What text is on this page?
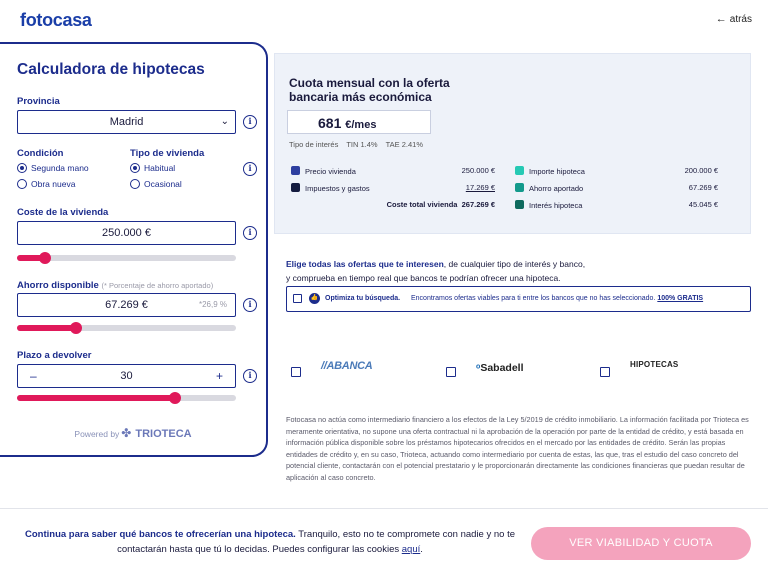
fotocasa	← atrás
Calculadora de hipotecas
Provincia
Madrid	⌄	i
Condición
Segunda mano
Obra nueva
Tipo de vivienda
Habitual
Ocasional
i
Coste de la vivienda
250.000 €	i
Ahorro disponible (* Porcentaje de ahorro aportado)
67.269 €	*26,9 %	i
Plazo a devolver
–	30	+	i
Powered by ✤ TRIOTECA
Cuota mensual con la oferta bancaria más económica
681 €/mes
Tipo de interés TIN 1.4% TAE 2.41%
Precio vivienda	250.000 €
Impuestos y gastos	17.269 €
Coste total vivienda 267.269 €
Importe hipoteca	200.000 €
Ahorro aportado	67.269 €
Interés hipoteca	45.045 €
Elige todas las ofertas que te interesen, de cualquier tipo de interés y banco, y comprueba en tiempo real que bancos te podrían ofrecer una hipoteca.
👍 Optimiza tu búsqueda. Encontramos ofertas viables para ti entre los bancos que no has seleccionado. 100% GRATIS
//ABANCA	ᵒSabadell	HIPOTECAS
Fotocasa no actúa como intermediario financiero a los efectos de la Ley 5/2019 de crédito inmobiliario. La información facilitada por Trioteca es meramente orientativa, no supone una oferta contractual ni la aprobación de la operación por parte de la entidad de crédito, y está basada en información pública disponible sobre los préstamos hipotecarios ofrecidos en el mercado por las entidades de crédito. Serán las propias entidades de crédito y, en su caso, Trioteca, actuando como intermediario por cuenta de estas, las que, tras el estudio del caso concreto del potencial cliente, contactarán con el potencial prestatario y le proporcionarán directamente las condiciones financieras que puedan resultar de aplicación al caso concreto.
Continua para saber qué bancos te ofrecerían una hipoteca. Tranquilo, esto no te compromete con nadie y no te contactarán hasta que tú lo decidas. Puedes configurar las cookies aquí.
VER VIABILIDAD Y CUOTA
